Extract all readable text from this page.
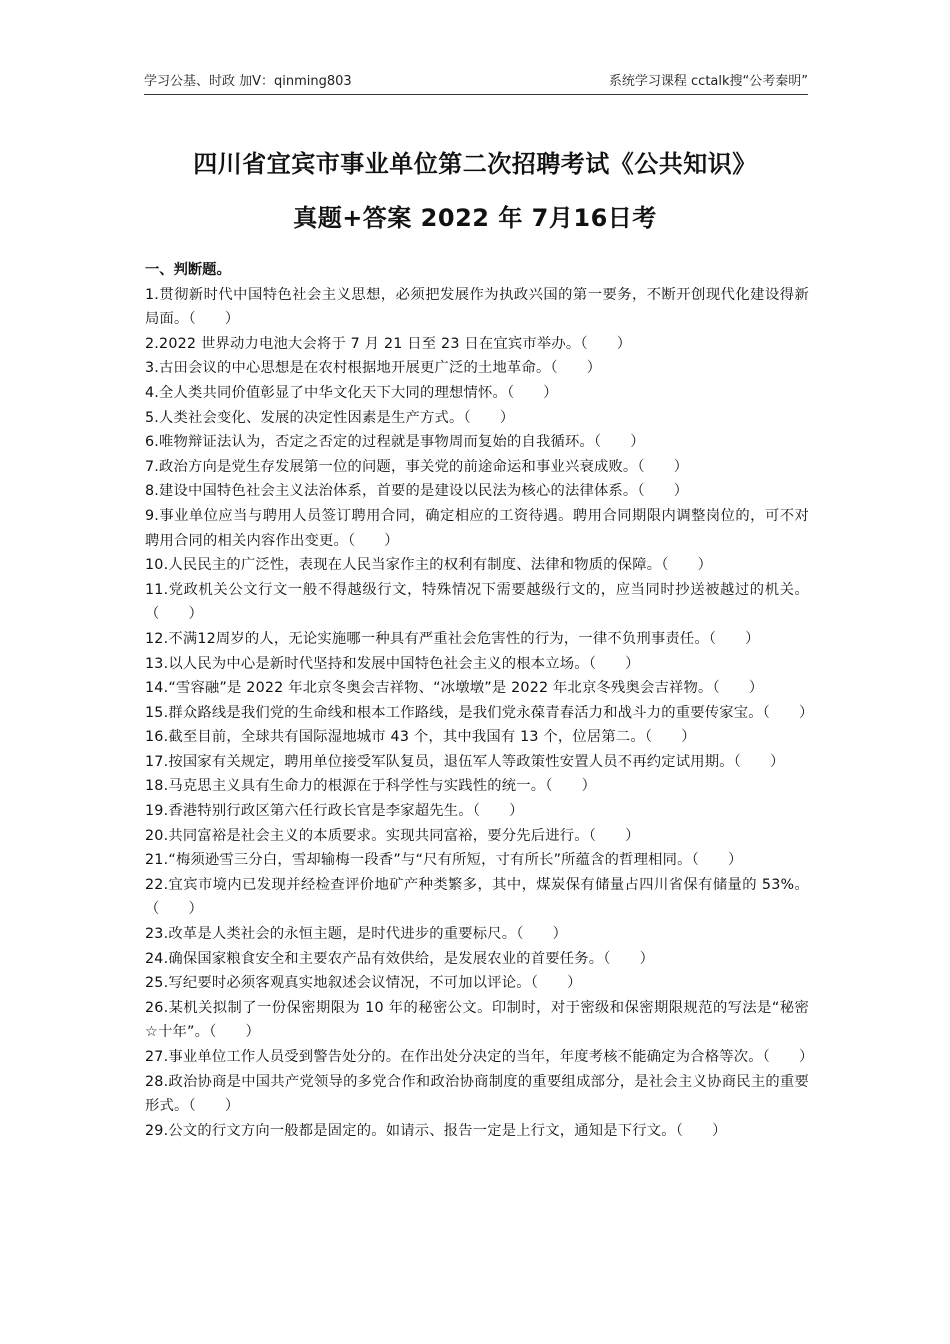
学习公基、时政 加V：qinming803	系统学习课程 cctalk搜“公考秦明”
四川省宜宾市事业单位第二次招聘考试《公共知识》
真题+答案 2022 年 7月16日考

一、判断题。

1.贯彻新时代中国特色社会主义思想，必须把发展作为执政兴国的第一要务，不断开创现代化建设得新局面。（　　）

2.2022 世界动力电池大会将于 7 月 21 日至 23 日在宜宾市举办。（　　）

3.古田会议的中心思想是在农村根据地开展更广泛的土地革命。（　　）

4.全人类共同价值彰显了中华文化天下大同的理想情怀。（　　）

5.人类社会变化、发展的决定性因素是生产方式。（　　）

6.唯物辩证法认为，否定之否定的过程就是事物周而复始的自我循环。（　　）

7.政治方向是党生存发展第一位的问题，事关党的前途命运和事业兴衰成败。（　　）

8.建设中国特色社会主义法治体系，首要的是建设以民法为核心的法律体系。（　　）

9.事业单位应当与聘用人员签订聘用合同，确定相应的工资待遇。聘用合同期限内调整岗位的，可不对聘用合同的相关内容作出变更。（　　）

10.人民民主的广泛性，表现在人民当家作主的权利有制度、法律和物质的保障。（　　）

11.党政机关公文行文一般不得越级行文，特殊情况下需要越级行文的，应当同时抄送被越过的机关。（　　）

12.不满12周岁的人，无论实施哪一种具有严重社会危害性的行为，一律不负刑事责任。（　　）

13.以人民为中心是新时代坚持和发展中国特色社会主义的根本立场。（　　）

14.“雪容融”是 2022 年北京冬奥会吉祥物、“冰墩墩”是 2022 年北京冬残奥会吉祥物。（　　）

15.群众路线是我们党的生命线和根本工作路线，是我们党永葆青春活力和战斗力的重要传家宝。（　　）

16.截至目前，全球共有国际湿地城市 43 个，其中我国有 13 个，位居第二。（　　）

17.按国家有关规定，聘用单位接受军队复员，退伍军人等政策性安置人员不再约定试用期。（　　）

18.马克思主义具有生命力的根源在于科学性与实践性的统一。（　　）

19.香港特别行政区第六任行政长官是李家超先生。（　　）

20.共同富裕是社会主义的本质要求。实现共同富裕，要分先后进行。（　　）

21.“梅须逊雪三分白，雪却输梅一段香”与“尺有所短，寸有所长”所蕴含的哲理相同。（　　）

22.宜宾市境内已发现并经检查评价地矿产种类繁多，其中，煤炭保有储量占四川省保有储量的 53%。（　　）

23.改革是人类社会的永恒主题，是时代进步的重要标尺。（　　）

24.确保国家粮食安全和主要农产品有效供给，是发展农业的首要任务。（　　）

25.写纪要时必须客观真实地叙述会议情况，不可加以评论。（　　）

26.某机关拟制了一份保密期限为 10 年的秘密公文。印制时，对于密级和保密期限规范的写法是“秘密☆十年”。（　　）

27.事业单位工作人员受到警告处分的。在作出处分决定的当年，年度考核不能确定为合格等次。（　　）

28.政治协商是中国共产党领导的多党合作和政治协商制度的重要组成部分，是社会主义协商民主的重要形式。（　　）

29.公文的行文方向一般都是固定的。如请示、报告一定是上行文，通知是下行文。（　　）
